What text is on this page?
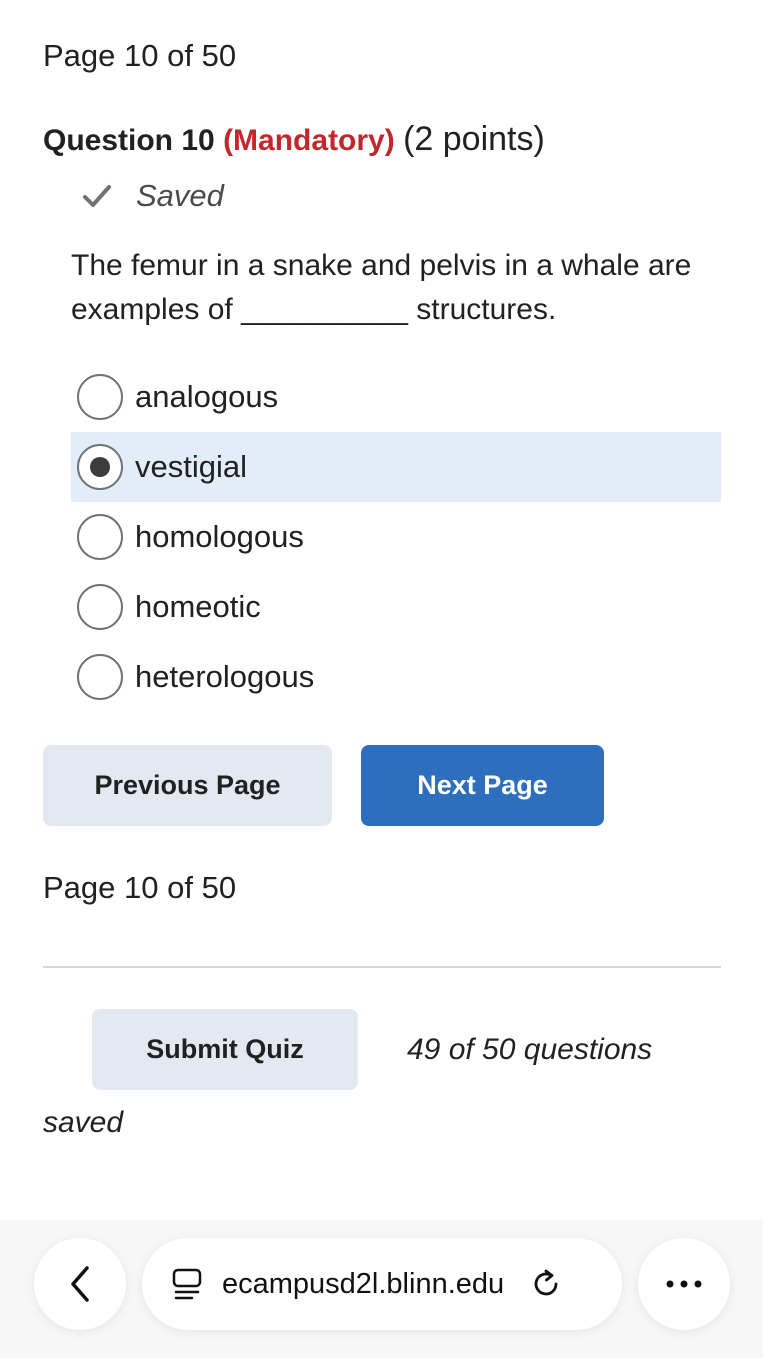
Page 10 of 50
Question 10 (Mandatory) (2 points)
Saved
The femur in a snake and pelvis in a whale are examples of __________ structures.
analogous
vestigial
homologous
homeotic
heterologous
Previous Page	Next Page
Page 10 of 50
Submit Quiz	49 of 50 questions
saved
ecampusd2l.blinn.edu
